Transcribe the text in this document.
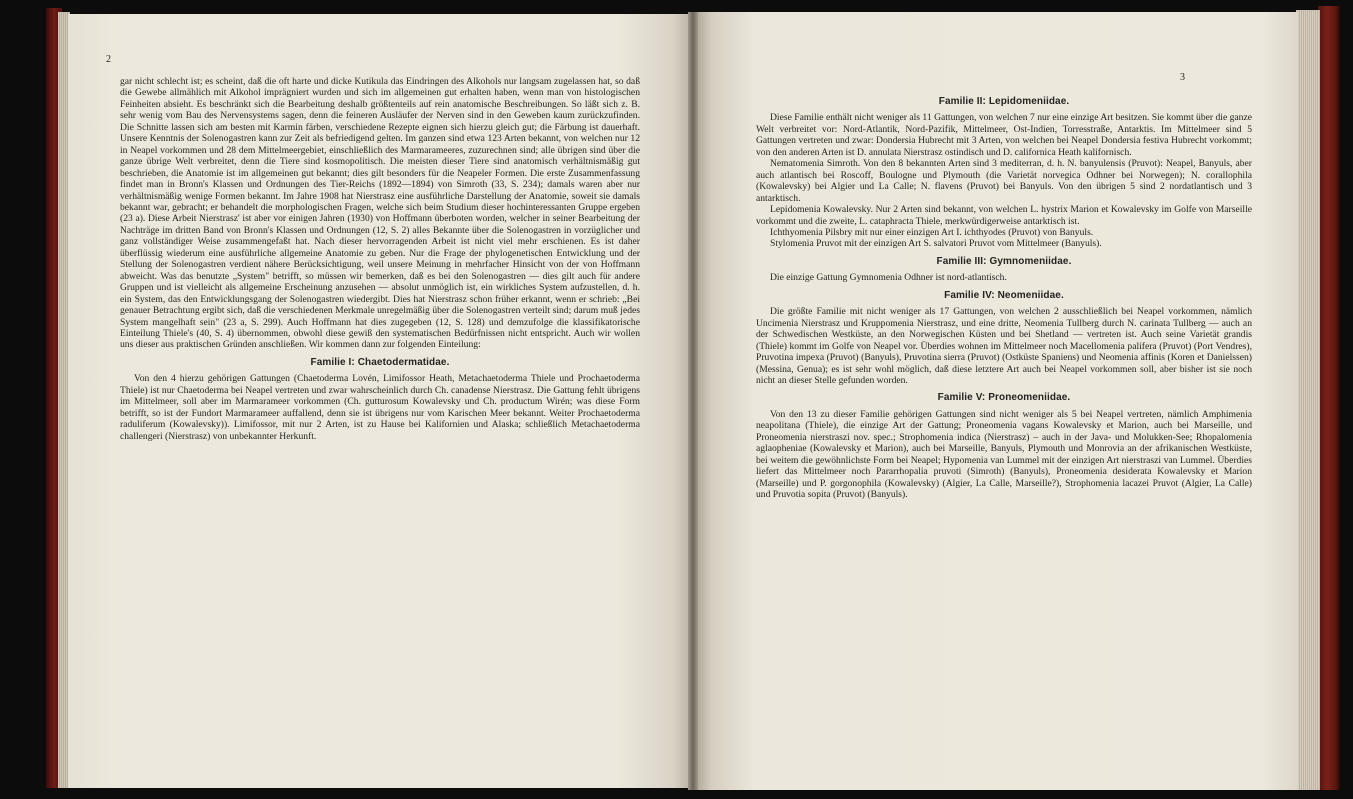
2
3

gar nicht schlecht ist; es scheint, daß die oft harte und dicke Kutikula das Eindringen des Alkohols nur langsam zugelassen hat, so daß die Gewebe allmählich mit Alkohol imprägniert wurden und sich im allgemeinen gut erhalten haben, wenn man von histologischen Feinheiten absieht. Es beschränkt sich die Bearbeitung deshalb größtenteils auf rein anatomische Beschreibungen. So läßt sich z. B. sehr wenig vom Bau des Nervensystems sagen, denn die feineren Ausläufer der Nerven sind in den Geweben kaum zurückzufinden. Die Schnitte lassen sich am besten mit Karmin färben, verschiedene Rezepte eignen sich hierzu gleich gut; die Färbung ist dauerhaft. Unsere Kenntnis der Solenogastren kann zur Zeit als befriedigend gelten. Im ganzen sind etwa 123 Arten bekannt, von welchen nur 12 in Neapel vorkommen und 28 dem Mittelmeergebiet, einschließlich des Marmarameeres, zuzurechnen sind; alle übrigen sind über die ganze übrige Welt verbreitet, denn die Tiere sind kosmopolitisch. Die meisten dieser Tiere sind anatomisch verhältnismäßig gut beschrieben, die Anatomie ist im allgemeinen gut bekannt; dies gilt besonders für die Neapeler Formen. Die erste Zusammenfassung findet man in Bronn's Klassen und Ordnungen des Tier-Reichs (1892—1894) von Simroth (33, S. 234); damals waren aber nur verhältnismäßig wenige Formen bekannt. Im Jahre 1908 hat Nierstrasz eine ausführliche Darstellung der Anatomie, soweit sie damals bekannt war, gebracht; er behandelt die morphologischen Fragen, welche sich beim Studium dieser hochinteressanten Gruppe ergeben (23 a). Diese Arbeit Nierstrasz' ist aber vor einigen Jahren (1930) von Hoffmann überboten worden, welcher in seiner Bearbeitung der Nachträge im dritten Band von Bronn's Klassen und Ordnungen (12, S. 2) alles Bekannte über die Solenogastren in vorzüglicher und ganz vollständiger Weise zusammengefaßt hat. Nach dieser hervorragenden Arbeit ist nicht viel mehr erschienen. Es ist daher überflüssig wiederum eine ausführliche allgemeine Anatomie zu geben. Nur die Frage der phylogenetischen Entwicklung und der Stellung der Solenogastren verdient nähere Berücksichtigung, weil unsere Meinung in mehrfacher Hinsicht von der von Hoffmann abweicht. Was das benutzte „System" betrifft, so müssen wir bemerken, daß es bei den Solenogastren — dies gilt auch für andere Gruppen und ist vielleicht als allgemeine Erscheinung anzusehen — absolut unmöglich ist, ein wirkliches System aufzustellen, d. h. ein System, das den Entwicklungsgang der Solenogastren wiedergibt. Dies hat Nierstrasz schon früher erkannt, wenn er schrieb: „Bei genauer Betrachtung ergibt sich, daß die verschiedenen Merkmale unregelmäßig über die Solenogastren verteilt sind; darum muß jedes System mangelhaft sein" (23 a, S. 299). Auch Hoffmann hat dies zugegeben (12, S. 128) und demzufolge die klassifikatorische Einteilung Thiele's (40, S. 4) übernommen, obwohl diese gewiß den systematischen Bedürfnissen nicht entspricht. Auch wir wollen uns dieser aus praktischen Gründen anschließen. Wir kommen dann zur folgenden Einteilung:

Familie I: Chaetodermatidae.

Von den 4 hierzu gehörigen Gattungen (Chaetoderma Lovén, Limifossor Heath, Metachaetoderma Thiele und Prochaetoderma Thiele) ist nur Chaetoderma bei Neapel vertreten und zwar wahrscheinlich durch Ch. canadense Nierstrasz. Die Gattung fehlt übrigens im Mittelmeer, soll aber im Marmarameer vorkommen (Ch. gutturosum Kowalevsky und Ch. productum Wirén; was diese Form betrifft, so ist der Fundort Marmarameer auffallend, denn sie ist übrigens nur vom Karischen Meer bekannt. Weiter Prochaetoderma raduliferum (Kowalevsky)). Limifossor, mit nur 2 Arten, ist zu Hause bei Kalifornien und Alaska; schließlich Metachaetoderma challengeri (Nierstrasz) von unbekannter Herkunft.

Familie II: Lepidomeniidae.

Diese Familie enthält nicht weniger als 11 Gattungen, von welchen 7 nur eine einzige Art besitzen. Sie kommt über die ganze Welt verbreitet vor: Nord-Atlantik, Nord-Pazifik, Mittelmeer, Ost-Indien, Torresstraße, Antarktis. Im Mittelmeer sind 5 Gattungen vertreten und zwar: Dondersia Hubrecht mit 3 Arten, von welchen bei Neapel Dondersia festiva Hubrecht vorkommt; von den anderen Arten ist D. annulata Nierstrasz ostindisch und D. californica Heath kalifornisch.

Nematomenia Simroth. Von den 8 bekannten Arten sind 3 mediterran, d. h. N. banyulensis (Pruvot): Neapel, Banyuls, aber auch atlantisch bei Roscoff, Boulogne und Plymouth (die Varietät norvegica Odhner bei Norwegen); N. corallophila (Kowalevsky) bei Algier und La Calle; N. flavens (Pruvot) bei Banyuls. Von den übrigen 5 sind 2 nordatlantisch und 3 antarktisch.

Lepidomenia Kowalevsky. Nur 2 Arten sind bekannt, von welchen L. hystrix Marion et Kowalevsky im Golfe von Marseille vorkommt und die zweite, L. cataphracta Thiele, merkwürdigerweise antarktisch ist.

Ichthyomenia Pilsbry mit nur einer einzigen Art I. ichthyodes (Pruvot) von Banyuls.

Stylomenia Pruvot mit der einzigen Art S. salvatori Pruvot vom Mittelmeer (Banyuls).

Familie III: Gymnomeniidae.

Die einzige Gattung Gymnomenia Odhner ist nord-atlantisch.

Familie IV: Neomeniidae.

Die größte Familie mit nicht weniger als 17 Gattungen, von welchen 2 ausschließlich bei Neapel vorkommen, nämlich Uncimenia Nierstrasz und Kruppomenia Nierstrasz, und eine dritte, Neomenia Tullberg durch N. carinata Tullberg — auch an der Schwedischen Westküste, an den Norwegischen Küsten und bei Shetland — vertreten ist. Auch seine Varietät grandis (Thiele) kommt im Golfe von Neapel vor. Überdies wohnen im Mittelmeer noch Macellomenia palifera (Pruvot) (Port Vendres), Pruvotina impexa (Pruvot) (Banyuls), Pruvotina sierra (Pruvot) (Ostküste Spaniens) und Neomenia affinis (Koren et Danielssen) (Messina, Genua); es ist sehr wohl möglich, daß diese letztere Art auch bei Neapel vorkommen soll, aber bisher ist sie noch nicht an dieser Stelle gefunden worden.

Familie V: Proneomeniidae.

Von den 13 zu dieser Familie gehörigen Gattungen sind nicht weniger als 5 bei Neapel vertreten, nämlich Amphimenia neapolitana (Thiele), die einzige Art der Gattung; Proneomenia vagans Kowalevsky et Marion, auch bei Marseille, und Proneomenia nierstraszi nov. spec.; Strophomenia indica (Nierstrasz) – auch in der Java- und Molukken-See; Rhopalomenia aglaopheniae (Kowalevsky et Marion), auch bei Marseille, Banyuls, Plymouth und Monrovia an der afrikanischen Westküste, bei weitem die gewöhnlichste Form bei Neapel; Hypomenia van Lummel mit der einzigen Art nierstraszi van Lummel. Überdies liefert das Mittelmeer noch Pararrhopalia pruvoti (Simroth) (Banyuls), Proneomenia desiderata Kowalevsky et Marion (Marseille) und P. gorgonophila (Kowalevsky) (Algier, La Calle, Marseille?), Strophomenia lacazei Pruvot (Algier, La Calle) und Pruvotia sopita (Pruvot) (Banyuls).
